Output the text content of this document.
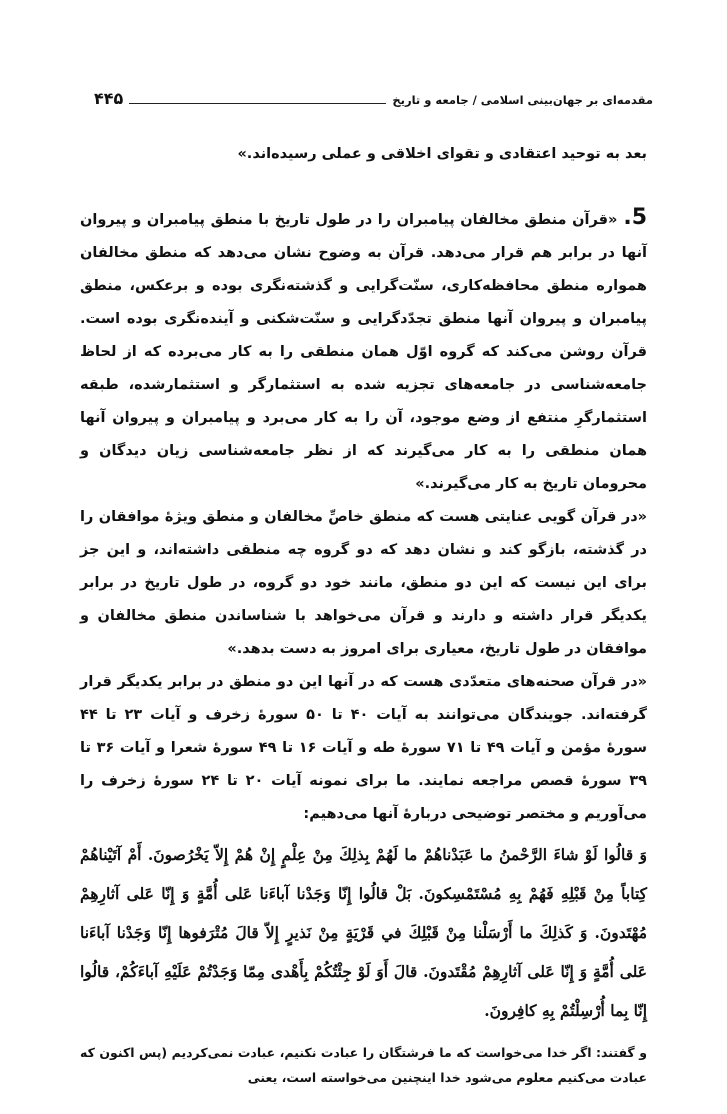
۴۴۵	مقدمه‌ای بر جهان‌بینی اسلامی / جامعه و تاریخ

بعد به توحید اعتقادی و تقوای اخلاقی و عملی رسیده‌اند.»

5.«قرآن منطق مخالفان پیامبران را در طول تاریخ با منطق پیامبران و پیروان آنها در برابر هم قرار می‌دهد. قرآن به وضوح نشان می‌دهد که منطق مخالفان همواره منطق محافظه‌کاری، سنّت‌گرایی و گذشته‌نگری بوده و برعکس، منطق پیامبران و پیروان آنها منطق تجدّدگرایی و سنّت‌شکنی و آینده‌نگری بوده است. قرآن روشن می‌کند که گروه اوّل همان منطقی را به کار می‌برده که از لحاظ جامعه‌شناسی در جامعه‌های تجزیه شده به استثمارگر و استثمارشده، طبقه استثمارگرِ منتفع از وضع موجود، آن را به کار می‌برد و پیامبران و پیروان آنها همان منطقی را به کار می‌گیرند که از نظر جامعه‌شناسی زیان دیدگان و محرومان تاریخ به کار می‌گیرند.»

«در قرآن گویی عنایتی هست که منطق خاصِّ مخالفان و منطق ویژهٔ موافقان را در گذشته، بازگو کند و نشان دهد که دو گروه چه منطقی داشته‌اند، و این جز برای این نیست که این دو منطق، مانند خود دو گروه، در طول تاریخ در برابر یکدیگر قرار داشته و دارند و قرآن می‌خواهد با شناساندن منطق مخالفان و موافقان در طول تاریخ، معیاری برای امروز به دست بدهد.»

«در قرآن صحنه‌های متعدّدی هست که در آنها این دو منطق در برابر یکدیگر قرار گرفته‌اند. جویندگان می‌توانند به آیات ۴۰ تا ۵۰ سورهٔ زخرف و آیات ۲۳ تا ۴۴ سورهٔ مؤمن و آیات ۴۹ تا ۷۱ سورهٔ طه و آیات ۱۶ تا ۴۹ سورهٔ شعرا و آیات ۳۶ تا ۳۹ سورهٔ قصص مراجعه نمایند. ما برای نمونه آیات ۲۰ تا ۲۴ سورهٔ زخرف را می‌آوریم و مختصر توضیحی دربارهٔ آنها می‌دهیم:

وَ قالُوا لَوْ شاءَ الرَّحْمنُ ما عَبَدْناهُمْ ما لَهُمْ بِذلِكَ مِنْ عِلْمٍ إِنْ هُمْ إِلاّ يَخْرُصونَ. أَمْ آتَيْناهُمْ كِتاباً مِنْ قَبْلِهِ فَهُمْ بِهِ مُسْتَمْسِكونَ. بَلْ قالُوا إِنّا وَجَدْنا آباءَنا عَلى أُمَّةٍ وَ إِنّا عَلى آثارِهِمْ مُهْتَدونَ. وَ كَذلِكَ ما أَرْسَلْنا مِنْ قَبْلِكَ في قَرْيَةٍ مِنْ نَذيرٍ إِلاّ قالَ مُتْرَفوها إِنّا وَجَدْنا آباءَنا عَلى أُمَّةٍ وَ إِنّا عَلى آثارِهِمْ مُقْتَدونَ. قالَ أَوَ لَوْ جِئْتُكُمْ بِأَهْدى مِمّا وَجَدْتُمْ عَلَيْهِ آباءَكُمْ، قالُوا إِنّا بِما أُرْسِلْتُمْ بِهِ كافِرونَ.

و گفتند: اگر خدا می‌خواست که ما فرشتگان را عبادت نکنیم، عبادت نمی‌کردیم (پس اکنون که عبادت می‌کنیم معلوم می‌شود خدا اینچنین می‌خواسته است، یعنی
